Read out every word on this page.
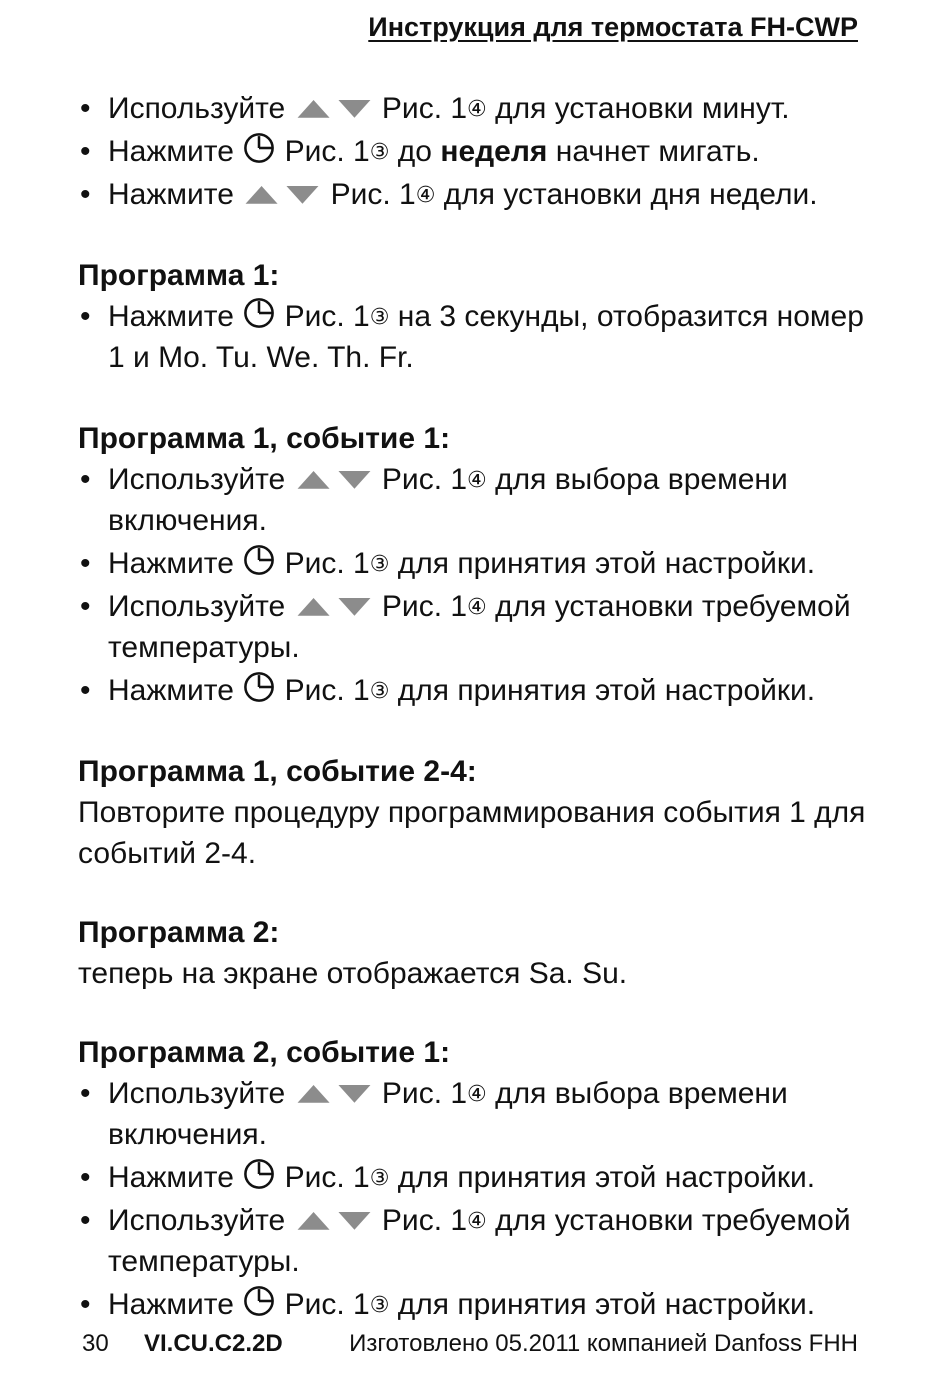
Инструкция для термостата FH-CWP
• Используйте	Рис. 1④ для установки минут.
• Нажмите Рис. 1③ до неделя начнет мигать.
• Нажмите	Рис. 1④ для установки дня недели.
Программа 1:
• Нажмите Рис. 1③ на 3 секунды, отобразится номер 1 и Mo. Tu. We. Th. Fr.
Программа 1, событие 1:
• Используйте	Рис. 1④ для выбора времени включения.
• Нажмите Рис. 1③ для принятия этой настройки.
• Используйте	Рис. 1④ для установки требуемой температуры.
• Нажмите Рис. 1③ для принятия этой настройки.
Программа 1, событие 2-4:
Повторите процедуру программирования события 1 для событий 2-4.
Программа 2:
теперь на экране отображается Sa. Su.
Программа 2, событие 1:
• Используйте	Рис. 1④ для выбора времени включения.
• Нажмите Рис. 1③ для принятия этой настройки.
• Используйте	Рис. 1④ для установки требуемой температуры.
• Нажмите Рис. 1③ для принятия этой настройки.
30 VI.CU.C2.2D	Изготовлено 05.2011 компанией Danfoss FHH
